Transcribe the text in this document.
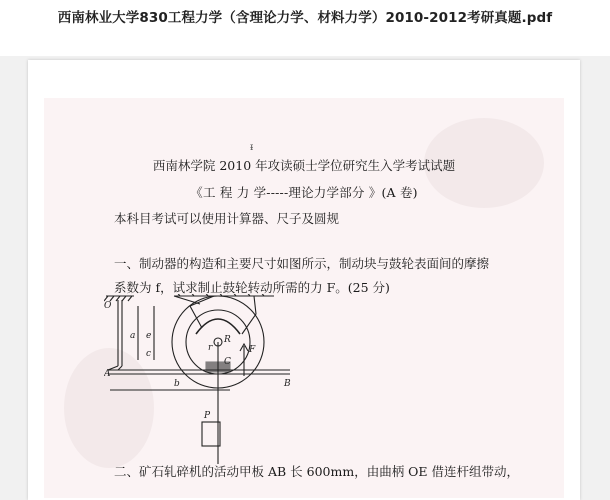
西南林业大学830工程力学（含理论力学、材料力学）2010-2012考研真题.pdf
ᵻ
西南林学院 2010 年攻读硕士学位研究生入学考试试题
《工 程 力 学-----理论力学部分 》(A 卷)
本科目考试可以使用计算器、尺子及圆规
一、制动器的构造和主要尺寸如图所示，制动块与鼓轮表面间的摩擦
系数为 f，试求制止鼓轮转动所需的力 F。(25 分)
O
R
r
C
F
A
B
a
b
c
e
P
二、矿石轧碎机的活动甲板 AB 长 600mm，由曲柄 OE 借连杆组带动，
